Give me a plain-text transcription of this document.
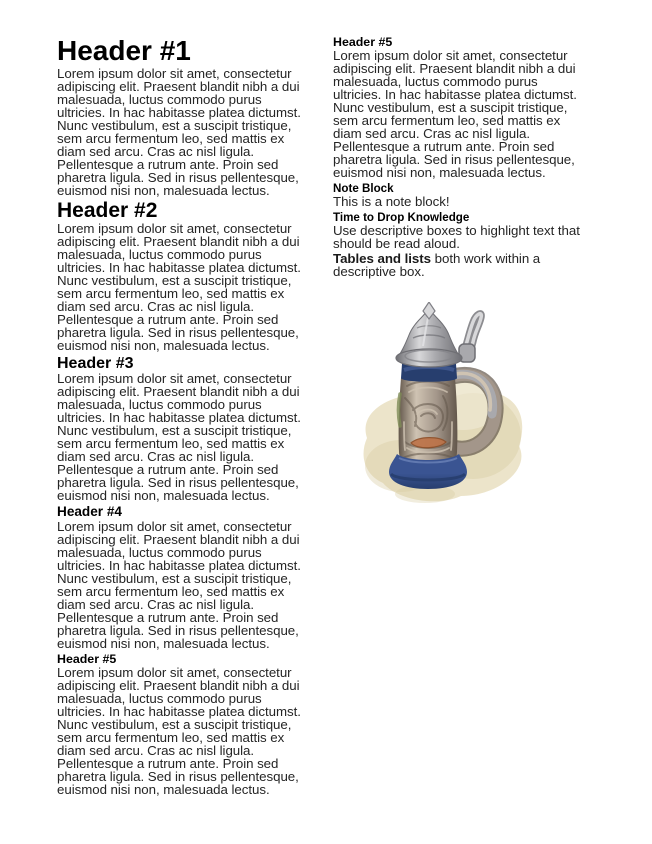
Header #1
Lorem ipsum dolor sit amet, consectetur
adipiscing elit. Praesent blandit nibh a dui
malesuada, luctus commodo purus
ultricies. In hac habitasse platea dictumst.
Nunc vestibulum, est a suscipit tristique,
sem arcu fermentum leo, sed mattis ex
diam sed arcu. Cras ac nisl ligula.
Pellentesque a rutrum ante. Proin sed
pharetra ligula. Sed in risus pellentesque,
euismod nisi non, malesuada lectus.
Header #2
Lorem ipsum dolor sit amet, consectetur
adipiscing elit. Praesent blandit nibh a dui
malesuada, luctus commodo purus
ultricies. In hac habitasse platea dictumst.
Nunc vestibulum, est a suscipit tristique,
sem arcu fermentum leo, sed mattis ex
diam sed arcu. Cras ac nisl ligula.
Pellentesque a rutrum ante. Proin sed
pharetra ligula. Sed in risus pellentesque,
euismod nisi non, malesuada lectus.
Header #3
Lorem ipsum dolor sit amet, consectetur
adipiscing elit. Praesent blandit nibh a dui
malesuada, luctus commodo purus
ultricies. In hac habitasse platea dictumst.
Nunc vestibulum, est a suscipit tristique,
sem arcu fermentum leo, sed mattis ex
diam sed arcu. Cras ac nisl ligula.
Pellentesque a rutrum ante. Proin sed
pharetra ligula. Sed in risus pellentesque,
euismod nisi non, malesuada lectus.
Header #4
Lorem ipsum dolor sit amet, consectetur
adipiscing elit. Praesent blandit nibh a dui
malesuada, luctus commodo purus
ultricies. In hac habitasse platea dictumst.
Nunc vestibulum, est a suscipit tristique,
sem arcu fermentum leo, sed mattis ex
diam sed arcu. Cras ac nisl ligula.
Pellentesque a rutrum ante. Proin sed
pharetra ligula. Sed in risus pellentesque,
euismod nisi non, malesuada lectus.
Header #5
Lorem ipsum dolor sit amet, consectetur
adipiscing elit. Praesent blandit nibh a dui
malesuada, luctus commodo purus
ultricies. In hac habitasse platea dictumst.
Nunc vestibulum, est a suscipit tristique,
sem arcu fermentum leo, sed mattis ex
diam sed arcu. Cras ac nisl ligula.
Pellentesque a rutrum ante. Proin sed
pharetra ligula. Sed in risus pellentesque,
euismod nisi non, malesuada lectus.
Header #5
Lorem ipsum dolor sit amet, consectetur
adipiscing elit. Praesent blandit nibh a dui
malesuada, luctus commodo purus
ultricies. In hac habitasse platea dictumst.
Nunc vestibulum, est a suscipit tristique,
sem arcu fermentum leo, sed mattis ex
diam sed arcu. Cras ac nisl ligula.
Pellentesque a rutrum ante. Proin sed
pharetra ligula. Sed in risus pellentesque,
euismod nisi non, malesuada lectus.
Note Block
This is a note block!
Time to Drop Knowledge
Use descriptive boxes to highlight text that
should be read aloud.
Tables and lists both work within a
descriptive box.
